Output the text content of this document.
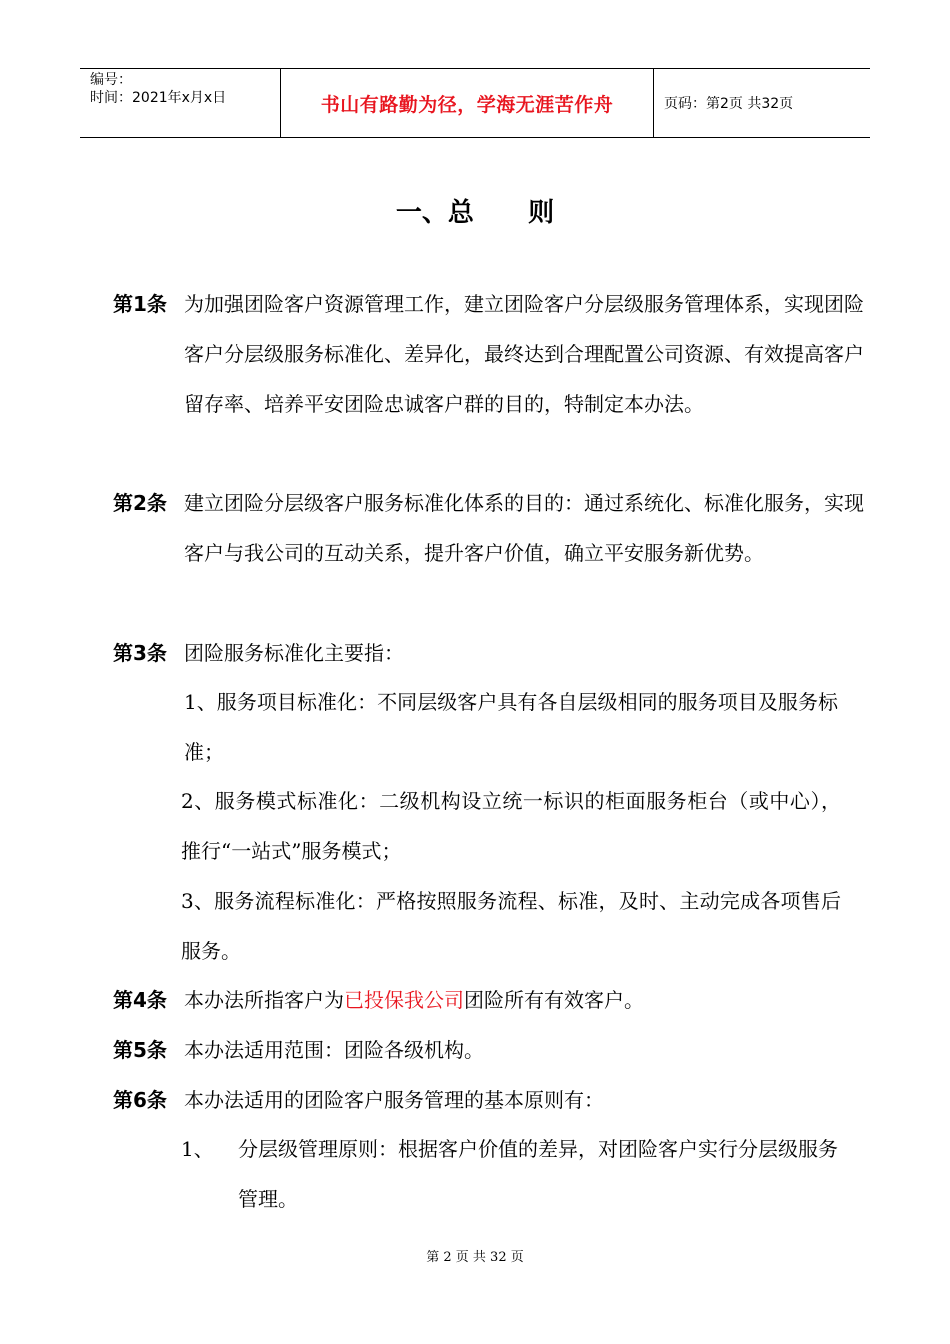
编号：
时间：2021年x月x日	书山有路勤为径，学海无涯苦作舟	页码：第2页 共32页
一、总      则
第1条 为加强团险客户资源管理工作，建立团险客户分层级服务管理体系，实现团险客户分层级服务标准化、差异化，最终达到合理配置公司资源、有效提高客户留存率、培养平安团险忠诚客户群的目的，特制定本办法。
第2条 建立团险分层级客户服务标准化体系的目的：通过系统化、标准化服务，实现客户与我公司的互动关系，提升客户价值，确立平安服务新优势。
第3条 团险服务标准化主要指：
1、服务项目标准化：不同层级客户具有各自层级相同的服务项目及服务标准；
2、服务模式标准化：二级机构设立统一标识的柜面服务柜台（或中心），推行“一站式”服务模式；
3、服务流程标准化：严格按照服务流程、标准，及时、主动完成各项售后服务。
第4条 本办法所指客户为已投保我公司团险所有有效客户。
第5条 本办法适用范围：团险各级机构。
第6条 本办法适用的团险客户服务管理的基本原则有：
1、 分层级管理原则：根据客户价值的差异，对团险客户实行分层级服务管理。
第 2 页 共 32 页
